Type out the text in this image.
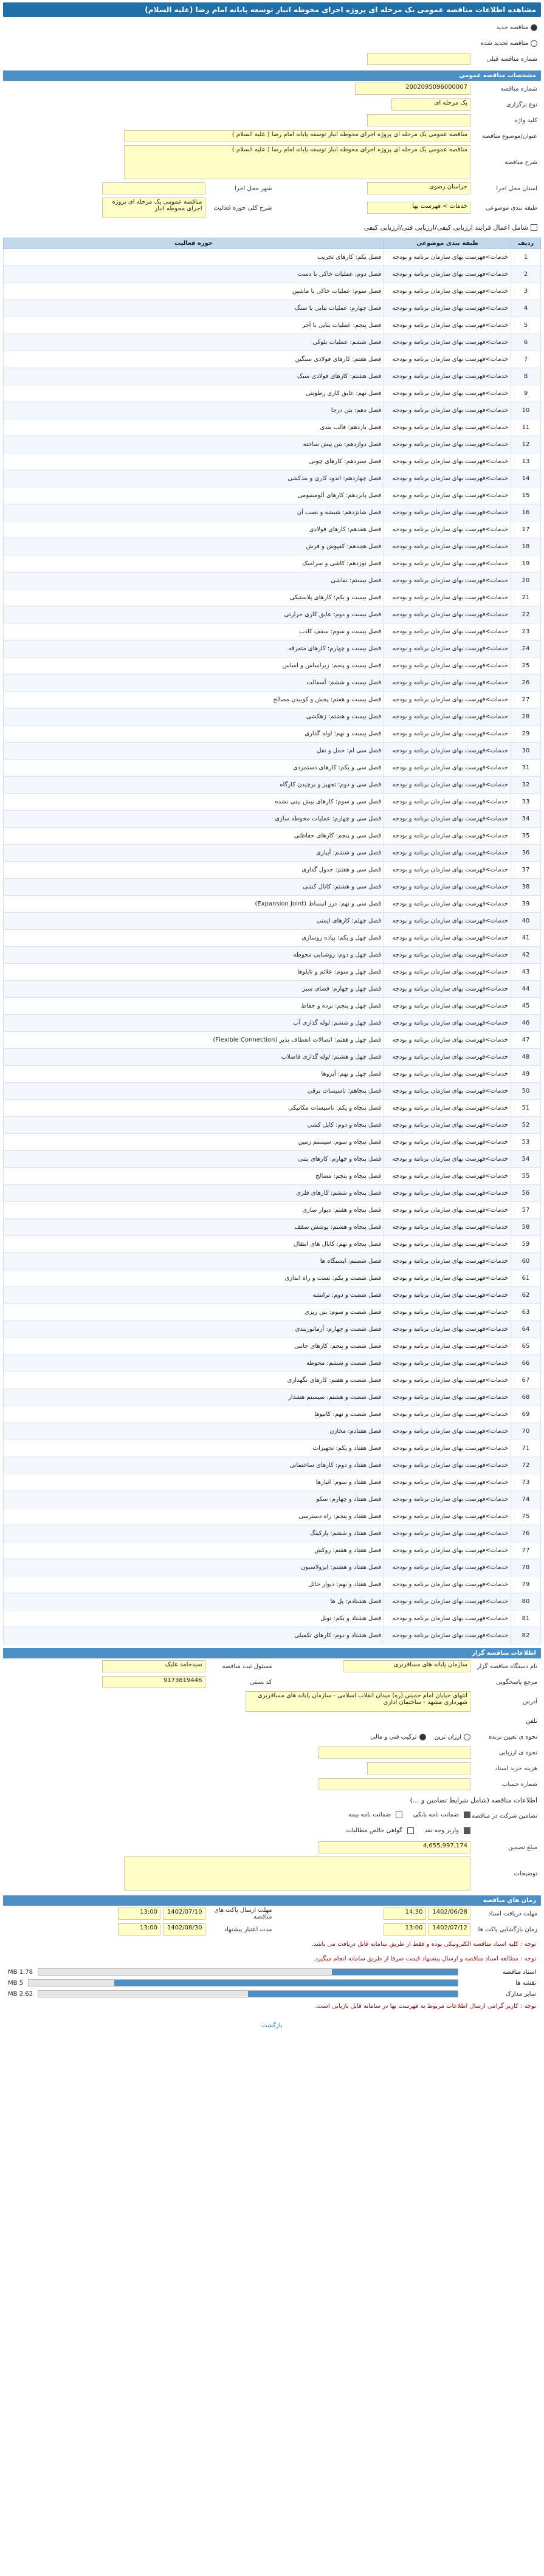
مشاهده اطلاعات مناقصه عمومی یک مرحله ای پروژه اجرای محوطه انبار توسعه پایانه امام رضا (علیه السلام)
مناقصه جدید
مناقصه تجدید شده
شماره مناقصه قبلی
مشخصات مناقصه عمومی
شماره مناقصه
2002095096000007
نوع برگزاری
یک مرحله ای
کلید واژه
عنوان/موضوع مناقصه
مناقصه عمومی یک مرحله ای پروژه اجرای محوطه انبار توسعه پایانه امام رضا ( علیه السلام )
شرح مناقصه
مناقصه عمومی یک مرحله ای پروژه اجرای محوطه انبار توسعه پایانه امام رضا ( علیه السلام )
استان محل اجرا
خراسان رضوی
شهر محل اجرا
طبقه بندی موضوعی
خدمات > فهرست بها
شرح کلی حوزه فعالیت
مناقصه عمومی یک مرحله ای پروژه اجرای محوطه انبار
شامل اعمال فرایند ارزیابی کیفی/ارزیابی فنی/ارزیابی کیفی
ردیف	طبقه بندی موضوعی	حوزه فعالیت
1	خدمات>فهرست بهای سازمان برنامه و بودجه	فصل یکم: کارهای تخریب
2	خدمات>فهرست بهای سازمان برنامه و بودجه	فصل دوم: عملیات خاکی با دست
3	خدمات>فهرست بهای سازمان برنامه و بودجه	فصل سوم: عملیات خاکی با ماشین
4	خدمات>فهرست بهای سازمان برنامه و بودجه	فصل چهارم: عملیات بنایی با سنگ
5	خدمات>فهرست بهای سازمان برنامه و بودجه	فصل پنجم: عملیات بنایی با آجر
6	خدمات>فهرست بهای سازمان برنامه و بودجه	فصل ششم: عملیات بلوکی
7	خدمات>فهرست بهای سازمان برنامه و بودجه	فصل هفتم: کارهای فولادی سنگین
8	خدمات>فهرست بهای سازمان برنامه و بودجه	فصل هشتم: کارهای فولادی سبک
9	خدمات>فهرست بهای سازمان برنامه و بودجه	فصل نهم: عایق کاری رطوبتی
10	خدمات>فهرست بهای سازمان برنامه و بودجه	فصل دهم: بتن درجا
11	خدمات>فهرست بهای سازمان برنامه و بودجه	فصل یازدهم: قالب بندی
12	خدمات>فهرست بهای سازمان برنامه و بودجه	فصل دوازدهم: بتن پیش ساخته
13	خدمات>فهرست بهای سازمان برنامه و بودجه	فصل سیزدهم: کارهای چوبی
14	خدمات>فهرست بهای سازمان برنامه و بودجه	فصل چهاردهم: اندود کاری و بندکشی
15	خدمات>فهرست بهای سازمان برنامه و بودجه	فصل پانزدهم: کارهای آلومینیومی
16	خدمات>فهرست بهای سازمان برنامه و بودجه	فصل شانزدهم: شیشه و نصب آن
17	خدمات>فهرست بهای سازمان برنامه و بودجه	فصل هفدهم: کارهای فولادی
18	خدمات>فهرست بهای سازمان برنامه و بودجه	فصل هجدهم: کفپوش و فرش
19	خدمات>فهرست بهای سازمان برنامه و بودجه	فصل نوزدهم: کاشی و سرامیک
20	خدمات>فهرست بهای سازمان برنامه و بودجه	فصل بیستم: نقاشی
21	خدمات>فهرست بهای سازمان برنامه و بودجه	فصل بیست و یکم: کارهای پلاستیکی
22	خدمات>فهرست بهای سازمان برنامه و بودجه	فصل بیست و دوم: عایق کاری حرارتی
23	خدمات>فهرست بهای سازمان برنامه و بودجه	فصل بیست و سوم: سقف کاذب
24	خدمات>فهرست بهای سازمان برنامه و بودجه	فصل بیست و چهارم: کارهای متفرقه
25	خدمات>فهرست بهای سازمان برنامه و بودجه	فصل بیست و پنجم: زیراساس و اساس
26	خدمات>فهرست بهای سازمان برنامه و بودجه	فصل بیست و ششم: آسفالت
27	خدمات>فهرست بهای سازمان برنامه و بودجه	فصل بیست و هفتم: پخش و کوبیدن مصالح
28	خدمات>فهرست بهای سازمان برنامه و بودجه	فصل بیست و هشتم: زهکشی
29	خدمات>فهرست بهای سازمان برنامه و بودجه	فصل بیست و نهم: لوله گذاری
30	خدمات>فهرست بهای سازمان برنامه و بودجه	فصل سی ام: حمل و نقل
31	خدمات>فهرست بهای سازمان برنامه و بودجه	فصل سی و یکم: کارهای دستمزدی
32	خدمات>فهرست بهای سازمان برنامه و بودجه	فصل سی و دوم: تجهیز و برچیدن کارگاه
33	خدمات>فهرست بهای سازمان برنامه و بودجه	فصل سی و سوم: کارهای پیش بینی نشده
34	خدمات>فهرست بهای سازمان برنامه و بودجه	فصل سی و چهارم: عملیات محوطه سازی
35	خدمات>فهرست بهای سازمان برنامه و بودجه	فصل سی و پنجم: کارهای حفاظتی
36	خدمات>فهرست بهای سازمان برنامه و بودجه	فصل سی و ششم: آبیاری
37	خدمات>فهرست بهای سازمان برنامه و بودجه	فصل سی و هفتم: جدول گذاری
38	خدمات>فهرست بهای سازمان برنامه و بودجه	فصل سی و هشتم: کانال کشی
39	خدمات>فهرست بهای سازمان برنامه و بودجه	فصل سی و نهم: درز انبساط (Expansion Joint)
40	خدمات>فهرست بهای سازمان برنامه و بودجه	فصل چهلم: کارهای ایمنی
41	خدمات>فهرست بهای سازمان برنامه و بودجه	فصل چهل و یکم: پیاده روسازی
42	خدمات>فهرست بهای سازمان برنامه و بودجه	فصل چهل و دوم: روشنایی محوطه
43	خدمات>فهرست بهای سازمان برنامه و بودجه	فصل چهل و سوم: علائم و تابلوها
44	خدمات>فهرست بهای سازمان برنامه و بودجه	فصل چهل و چهارم: فضای سبز
45	خدمات>فهرست بهای سازمان برنامه و بودجه	فصل چهل و پنجم: نرده و حفاظ
46	خدمات>فهرست بهای سازمان برنامه و بودجه	فصل چهل و ششم: لوله گذاری آب
47	خدمات>فهرست بهای سازمان برنامه و بودجه	فصل چهل و هفتم: اتصالات انعطاف پذیر (Flexible Connection)
48	خدمات>فهرست بهای سازمان برنامه و بودجه	فصل چهل و هشتم: لوله گذاری فاضلاب
49	خدمات>فهرست بهای سازمان برنامه و بودجه	فصل چهل و نهم: آبروها
50	خدمات>فهرست بهای سازمان برنامه و بودجه	فصل پنجاهم: تاسیسات برقی
51	خدمات>فهرست بهای سازمان برنامه و بودجه	فصل پنجاه و یکم: تاسیسات مکانیکی
52	خدمات>فهرست بهای سازمان برنامه و بودجه	فصل پنجاه و دوم: کابل کشی
53	خدمات>فهرست بهای سازمان برنامه و بودجه	فصل پنجاه و سوم: سیستم زمین
54	خدمات>فهرست بهای سازمان برنامه و بودجه	فصل پنجاه و چهارم: کارهای بتنی
55	خدمات>فهرست بهای سازمان برنامه و بودجه	فصل پنجاه و پنجم: مصالح
56	خدمات>فهرست بهای سازمان برنامه و بودجه	فصل پنجاه و ششم: کارهای فلزی
57	خدمات>فهرست بهای سازمان برنامه و بودجه	فصل پنجاه و هفتم: دیوار سازی
58	خدمات>فهرست بهای سازمان برنامه و بودجه	فصل پنجاه و هشتم: پوشش سقف
59	خدمات>فهرست بهای سازمان برنامه و بودجه	فصل پنجاه و نهم: کانال های انتقال
60	خدمات>فهرست بهای سازمان برنامه و بودجه	فصل شصتم: ایستگاه ها
61	خدمات>فهرست بهای سازمان برنامه و بودجه	فصل شصت و یکم: تست و راه اندازی
62	خدمات>فهرست بهای سازمان برنامه و بودجه	فصل شصت و دوم: ترانشه
63	خدمات>فهرست بهای سازمان برنامه و بودجه	فصل شصت و سوم: بتن ریزی
64	خدمات>فهرست بهای سازمان برنامه و بودجه	فصل شصت و چهارم: آرماتوربندی
65	خدمات>فهرست بهای سازمان برنامه و بودجه	فصل شصت و پنجم: کارهای جانبی
66	خدمات>فهرست بهای سازمان برنامه و بودجه	فصل شصت و ششم: محوطه
67	خدمات>فهرست بهای سازمان برنامه و بودجه	فصل شصت و هفتم: کارهای نگهداری
68	خدمات>فهرست بهای سازمان برنامه و بودجه	فصل شصت و هشتم: سیستم هشدار
69	خدمات>فهرست بهای سازمان برنامه و بودجه	فصل شصت و نهم: کانیوها
70	خدمات>فهرست بهای سازمان برنامه و بودجه	فصل هفتادم: مخازن
71	خدمات>فهرست بهای سازمان برنامه و بودجه	فصل هفتاد و یکم: تجهیزات
72	خدمات>فهرست بهای سازمان برنامه و بودجه	فصل هفتاد و دوم: کارهای ساختمانی
73	خدمات>فهرست بهای سازمان برنامه و بودجه	فصل هفتاد و سوم: انبارها
74	خدمات>فهرست بهای سازمان برنامه و بودجه	فصل هفتاد و چهارم: سکو
75	خدمات>فهرست بهای سازمان برنامه و بودجه	فصل هفتاد و پنجم: راه دسترسی
76	خدمات>فهرست بهای سازمان برنامه و بودجه	فصل هفتاد و ششم: پارکینگ
77	خدمات>فهرست بهای سازمان برنامه و بودجه	فصل هفتاد و هفتم: روکش
78	خدمات>فهرست بهای سازمان برنامه و بودجه	فصل هفتاد و هشتم: ایزولاسیون
79	خدمات>فهرست بهای سازمان برنامه و بودجه	فصل هفتاد و نهم: دیوار حائل
80	خدمات>فهرست بهای سازمان برنامه و بودجه	فصل هشتادم: پل ها
81	خدمات>فهرست بهای سازمان برنامه و بودجه	فصل هشتاد و یکم: تونل
82	خدمات>فهرست بهای سازمان برنامه و بودجه	فصل هشتاد و دوم: کارهای تکمیلی
اطلاعات مناقصه گزار
نام دستگاه مناقصه گزار
سازمان پایانه های مسافربری
مسئول ثبت مناقصه
سیدحامد علیک
مرجع پاسخگویی
کد بستی
9173819446
آدرس
انتهای خیابان امام خمینی (ره) میدان انقلاب اسلامی - سازمان پایانه های مسافربری شهرداری مشهد - ساختمان اداری
تلفن
نحوه ی تعیین برنده
ارزان ترین
ترکیب فنی و مالی
نحوه ی ارزیابی
هزینه خرید اسناد
شماره حساب
اطلاعات مناقصه (شامل شرایط تضامین و ...)
تضامین شرکت در مناقصه
ضمانت نامه بانکی

ضمانت نامه بیمه
واریز وجه نقد

گواهی خالص مطالبات
مبلغ تضمین
4,655,997,174
توضیحات
زمان های مناقصه
مهلت دریافت اسناد
1402/06/28 14:30
مهلت ارسال پاکت های مناقصه
1402/07/10 13:00
زمان بازگشایی پاکت ها
1402/07/12 13:00
مدت اعتبار پیشنهاد
1402/08/30 13:00
توجه : کلیه اسناد مناقصه الکترونیکی بوده و فقط از طریق سامانه قابل دریافت می باشد.
توجه : مطالعه اسناد مناقصه و ارسال پیشنهاد قیمت صرفا از طریق سامانه انجام میگیرد.
اسناد مناقصه
1.78 MB
نقشه ها
5 MB
سایر مدارک
2.62 MB
توجه : کاربر گرامی ارسال اطلاعات مربوط به فهرست بها در سامانه قابل بازیابی است.
بازگشت
